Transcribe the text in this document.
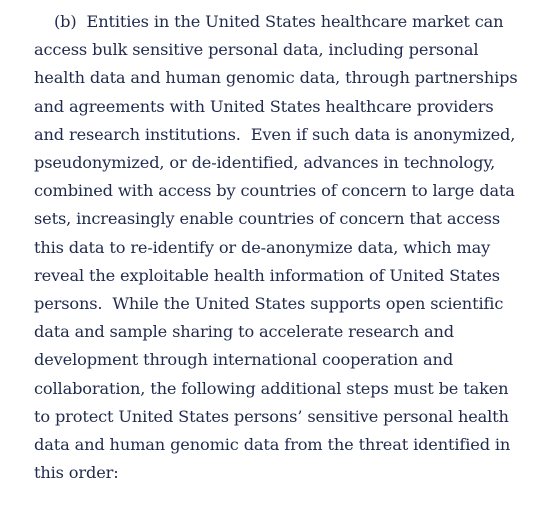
(b)  Entities in the United States healthcare market can
access bulk sensitive personal data, including personal
health data and human genomic data, through partnerships
and agreements with United States healthcare providers
and research institutions.  Even if such data is anonymized,
pseudonymized, or de-identified, advances in technology,
combined with access by countries of concern to large data
sets, increasingly enable countries of concern that access
this data to re-identify or de-anonymize data, which may
reveal the exploitable health information of United States
persons.  While the United States supports open scientific
data and sample sharing to accelerate research and
development through international cooperation and
collaboration, the following additional steps must be taken
to protect United States persons’ sensitive personal health
data and human genomic data from the threat identified in
this order:
